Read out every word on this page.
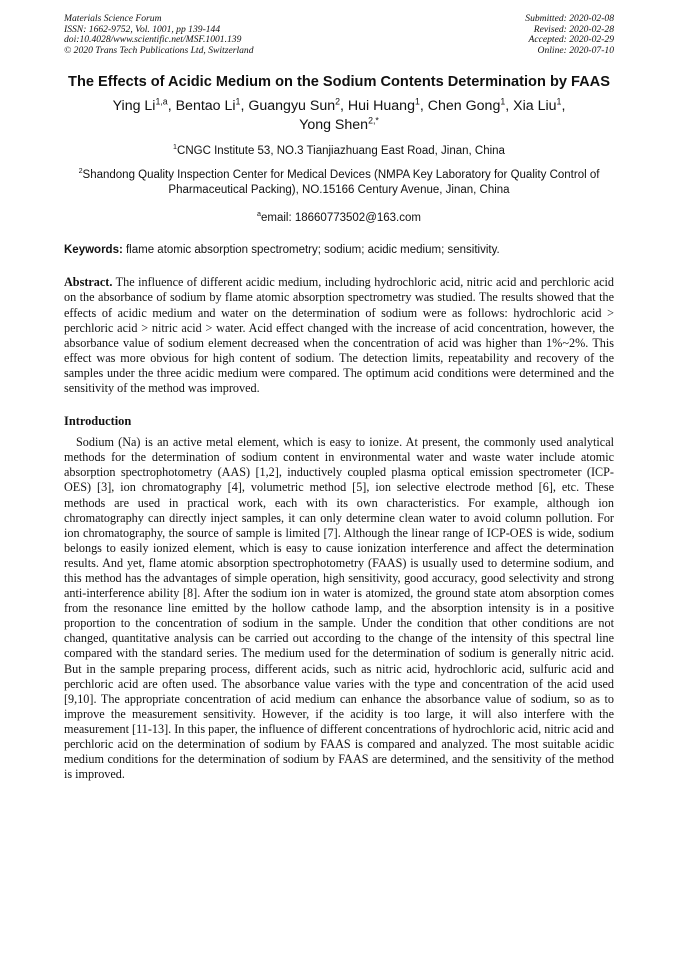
Materials Science Forum
ISSN: 1662-9752, Vol. 1001, pp 139-144
doi:10.4028/www.scientific.net/MSF.1001.139
© 2020 Trans Tech Publications Ltd, Switzerland
Submitted: 2020-02-08
Revised: 2020-02-28
Accepted: 2020-02-29
Online: 2020-07-10
The Effects of Acidic Medium on the Sodium Contents Determination by FAAS
Ying Li$^{1,a}$, Bentao Li$^1$, Guangyu Sun$^2$, Hui Huang$^1$, Chen Gong$^1$, Xia Liu$^1$,
Yong Shen$^{2,*}$
$^1$CNGC Institute 53, NO.3 Tianjiazhuang East Road, Jinan, China
$^2$Shandong Quality Inspection Center for Medical Devices (NMPA Key Laboratory for Quality Control of Pharmaceutical Packing), NO.15166 Century Avenue, Jinan, China
$^a$email: 18660773502@163.com
Keywords: flame atomic absorption spectrometry; sodium; acidic medium; sensitivity.
Abstract. The influence of different acidic medium, including hydrochloric acid, nitric acid and perchloric acid on the absorbance of sodium by flame atomic absorption spectrometry was studied. The results showed that the effects of acidic medium and water on the determination of sodium were as follows: hydrochloric acid > perchloric acid > nitric acid > water. Acid effect changed with the increase of acid concentration, however, the absorbance value of sodium element decreased when the concentration of acid was higher than 1%~2%. This effect was more obvious for high content of sodium. The detection limits, repeatability and recovery of the samples under the three acidic medium were compared. The optimum acid conditions were determined and the sensitivity of the method was improved.
Introduction
Sodium (Na) is an active metal element, which is easy to ionize. At present, the commonly used analytical methods for the determination of sodium content in environmental water and waste water include atomic absorption spectrophotometry (AAS) [1,2], inductively coupled plasma optical emission spectrometer (ICP-OES) [3], ion chromatography [4], volumetric method [5], ion selective electrode method [6], etc. These methods are used in practical work, each with its own characteristics. For example, although ion chromatography can directly inject samples, it can only determine clean water to avoid column pollution. For ion chromatography, the source of sample is limited [7]. Although the linear range of ICP-OES is wide, sodium belongs to easily ionized element, which is easy to cause ionization interference and affect the determination results. And yet, flame atomic absorption spectrophotometry (FAAS) is usually used to determine sodium, and this method has the advantages of simple operation, high sensitivity, good accuracy, good selectivity and strong anti-interference ability [8]. After the sodium ion in water is atomized, the ground state atom absorption comes from the resonance line emitted by the hollow cathode lamp, and the absorption intensity is in a positive proportion to the concentration of sodium in the sample. Under the condition that other conditions are not changed, quantitative analysis can be carried out according to the change of the intensity of this spectral line compared with the standard series. The medium used for the determination of sodium is generally nitric acid. But in the sample preparing process, different acids, such as nitric acid, hydrochloric acid, sulfuric acid and perchloric acid are often used. The absorbance value varies with the type and concentration of the acid used [9,10]. The appropriate concentration of acid medium can enhance the absorbance value of sodium, so as to improve the measurement sensitivity. However, if the acidity is too large, it will also interfere with the measurement [11-13]. In this paper, the influence of different concentrations of hydrochloric acid, nitric acid and perchloric acid on the determination of sodium by FAAS is compared and analyzed. The most suitable acidic medium conditions for the determination of sodium by FAAS are determined, and the sensitivity of the method is improved.
